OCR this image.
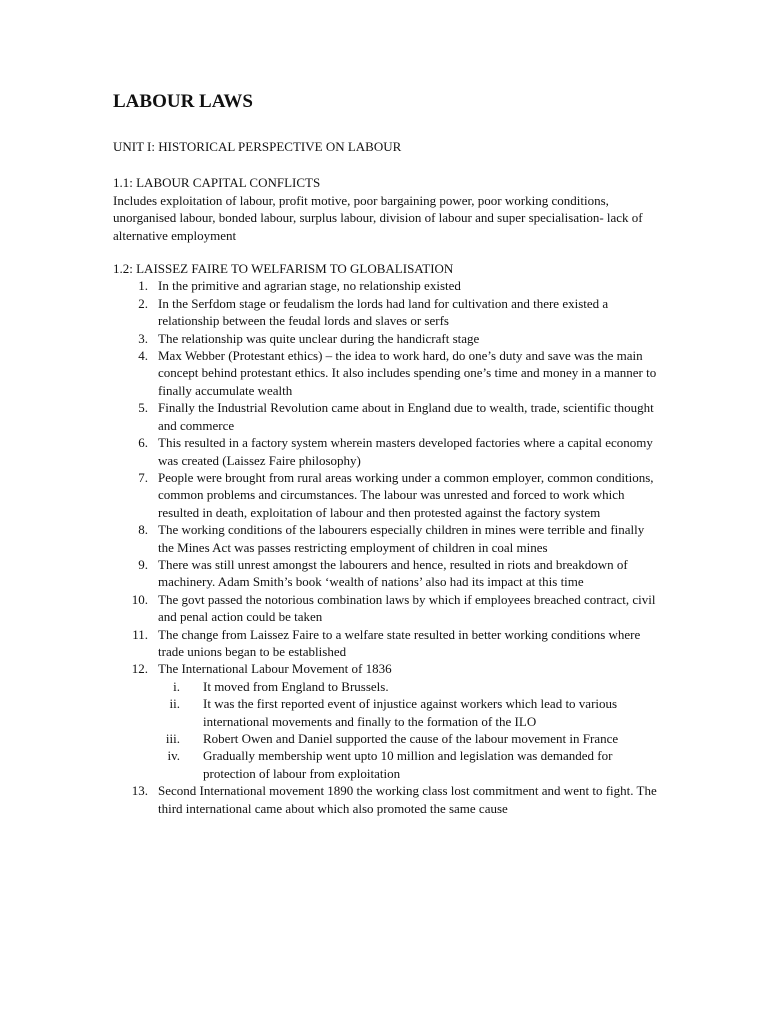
LABOUR LAWS

UNIT I: HISTORICAL PERSPECTIVE ON LABOUR

1.1: LABOUR CAPITAL CONFLICTS

Includes exploitation of labour, profit motive, poor bargaining power, poor working conditions, unorganised labour, bonded labour, surplus labour, division of labour and super specialisation- lack of alternative employment

1.2: LAISSEZ FAIRE TO WELFARISM TO GLOBALISATION

1. In the primitive and agrarian stage, no relationship existed
2. In the Serfdom stage or feudalism the lords had land for cultivation and there existed a relationship between the feudal lords and slaves or serfs
3. The relationship was quite unclear during the handicraft stage
4. Max Webber (Protestant ethics) – the idea to work hard, do one’s duty and save was the main concept behind protestant ethics. It also includes spending one’s time and money in a manner to finally accumulate wealth
5. Finally the Industrial Revolution came about in England due to wealth, trade, scientific thought and commerce
6. This resulted in a factory system wherein masters developed factories where a capital economy was created (Laissez Faire philosophy)
7. People were brought from rural areas working under a common employer, common conditions, common problems and circumstances. The labour was unrested and forced to work which resulted in death, exploitation of labour and then protested against the factory system
8. The working conditions of the labourers especially children in mines were terrible and finally the Mines Act was passes restricting employment of children in coal mines
9. There was still unrest amongst the labourers and hence, resulted in riots and breakdown of machinery. Adam Smith’s book ‘wealth of nations’ also had its impact at this time
10. The govt passed the notorious combination laws by which if employees breached contract, civil and penal action could be taken
11. The change from Laissez Faire to a welfare state resulted in better working conditions where trade unions began to be established
12. The International Labour Movement of 1836
i. It moved from England to Brussels.
ii. It was the first reported event of injustice against workers which lead to various international movements and finally to the formation of the ILO
iii. Robert Owen and Daniel supported the cause of the labour movement in France
iv. Gradually membership went upto 10 million and legislation was demanded for protection of labour from exploitation
13. Second International movement 1890 the working class lost commitment and went to fight. The third international came about which also promoted the same cause
